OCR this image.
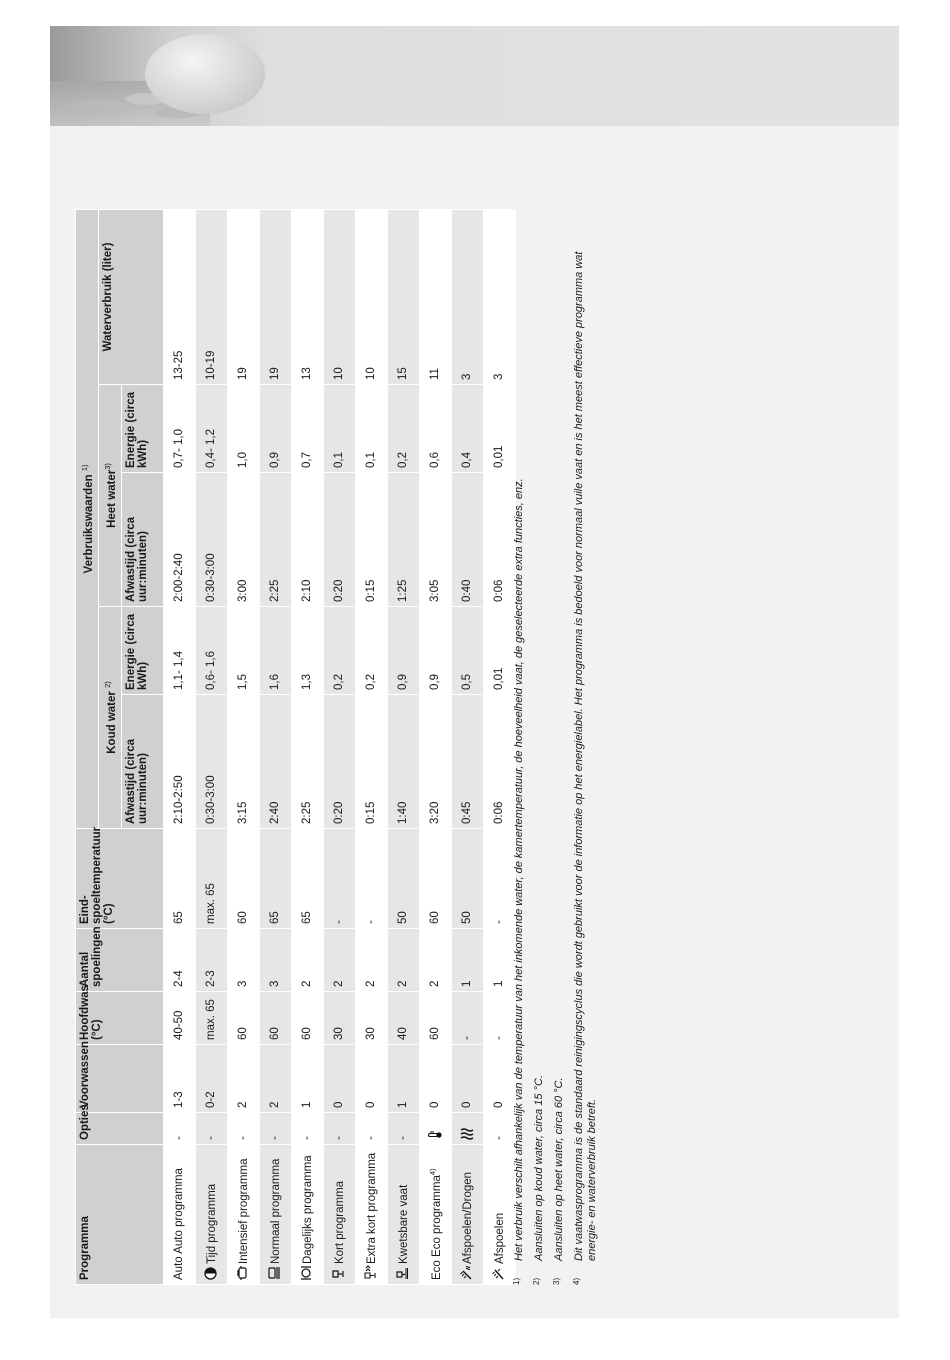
Programma	Opties	Voorwassen	Hoofdwas (°C)	Aantal spoelingen	Eind-spoeltemperatuur (°C)	Verbruikswaarden $^{1)}$
						Koud water $^{2)}$		Heet water$^{3)}$		Waterverbruik (liter)
						Afwastijd (circa uur:minuten)	Energie (circa kWh)	Afwastijd (circa uur:minuten)	Energie (circa kWh)	
Auto Auto programma	-	1-3	40-50	2-4	65	2:10-2:50	1,1- 1,4	2:00-2:40	0,7- 1,0	13-25

Tijd programma	-	0-2	max. 65	2-3	max. 65	0:30-3:00	0,6- 1,6	0:30-3:00	0,4- 1,2	10-19

Intensief programma	-	2	60	3	60	3:15	1,5	3:00	1,0	19

Normaal programma	-	2	60	3	65	2:40	1,6	2:25	0,9	19

Dagelijks programma	-	1	60	2	65	2:25	1,3	2:10	0,7	13

Kort programma	-	0	30	2	-	0:20	0,2	0:20	0,1	10

Extra kort programma	-	0	30	2	-	0:15	0,2	0:15	0,1	10

Kwetsbare vaat	-	1	40	2	50	1:40	0,9	1:25	0,2	15
Eco Eco programma$^{4)}$		0	60	2	60	3:20	0,9	3:05	0,6	11

Afspoelen/Drogen		0	-	1	50	0:45	0,5	0:40	0,4	3

Afspoelen	-	0	-	1	-	0:06	0,01	0:06	0,01	3
1)
Het verbruik verschilt afhankelijk van de temperatuur van het inkomende water, de kamertemperatuur, de hoeveelheid vaat, de geselecteerde extra functies, enz.
2)
Aansluiten op koud water, circa 15 °C.
3)
Aansluiten op heet water, circa 60 °C.
4)
Dit vaatwasprogramma is de standaard reinigingscyclus die wordt gebruikt voor de informatie op het energielabel. Het programma is bedoeld voor normaal vuile vaat en is het meest effectieve programma wat energie- en waterverbruik betreft.
